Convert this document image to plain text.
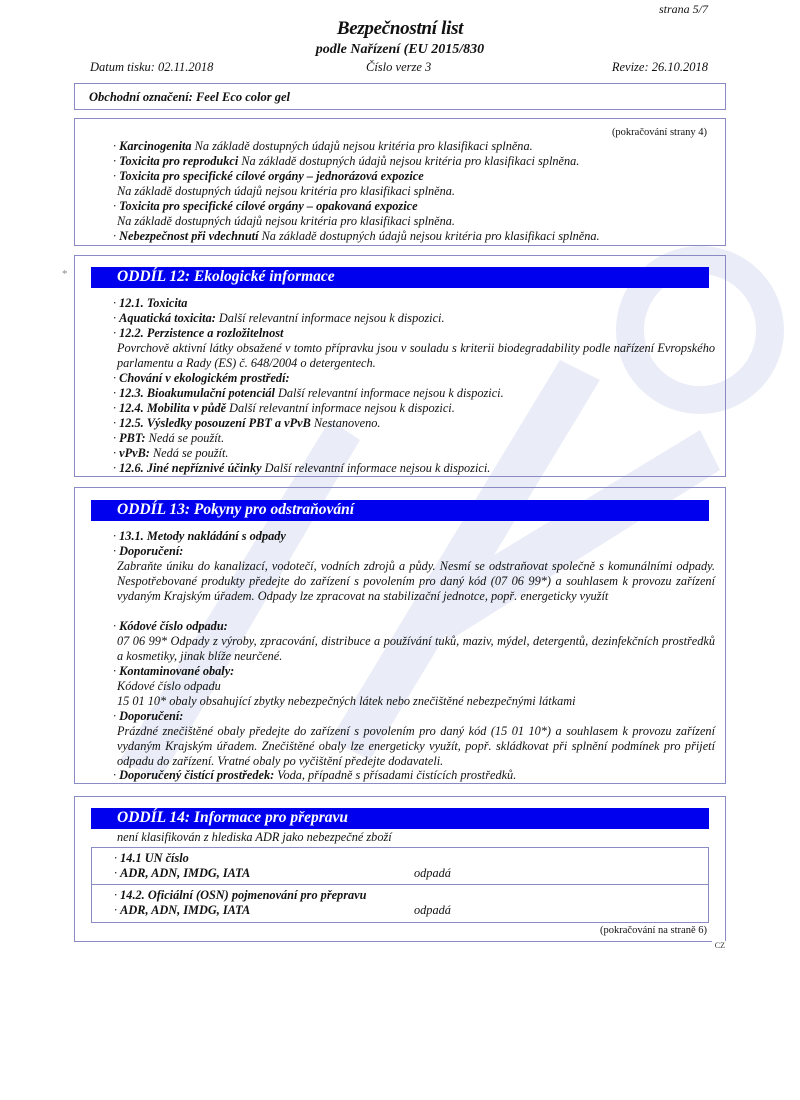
strana 5/7
Bezpečnostní list
podle Nařízení (EU 2015/830
Datum tisku: 02.11.2018	Číslo verze 3	Revize: 26.10.2018
Obchodní označení: Feel Eco color gel
(pokračování strany 4)
· Karcinogenita Na základě dostupných údajů nejsou kritéria pro klasifikaci splněna.
· Toxicita pro reprodukci Na základě dostupných údajů nejsou kritéria pro klasifikaci splněna.
· Toxicita pro specifické cílové orgány – jednorázová expozice
Na základě dostupných údajů nejsou kritéria pro klasifikaci splněna.
· Toxicita pro specifické cílové orgány – opakovaná expozice
Na základě dostupných údajů nejsou kritéria pro klasifikaci splněna.
· Nebezpečnost při vdechnutí Na základě dostupných údajů nejsou kritéria pro klasifikaci splněna.
*	ODDÍL 12: Ekologické informace
· 12.1. Toxicita
· Aquatická toxicita: Další relevantní informace nejsou k dispozici.
· 12.2. Perzistence a rozložitelnost
Povrchově aktivní látky obsažené v tomto přípravku jsou v souladu s kriterii biodegradability podle nařízení Evropského parlamentu a Rady (ES) č. 648/2004 o detergentech.
· Chování v ekologickém prostředí:
· 12.3. Bioakumulační potenciál Další relevantní informace nejsou k dispozici.
· 12.4. Mobilita v půdě Další relevantní informace nejsou k dispozici.
· 12.5. Výsledky posouzení PBT a vPvB Nestanoveno.
· PBT: Nedá se použít.
· vPvB: Nedá se použít.
· 12.6. Jiné nepříznivé účinky Další relevantní informace nejsou k dispozici.
ODDÍL 13: Pokyny pro odstraňování
· 13.1. Metody nakládání s odpady
· Doporučení:
Zabraňte úniku do kanalizací, vodotečí, vodních zdrojů a půdy. Nesmí se odstraňovat společně s komunálními odpady. Nespotřebované produkty předejte do zařízení s povolením pro daný kód (07 06 99*) a souhlasem k provozu zařízení vydaným Krajským úřadem. Odpady lze zpracovat na stabilizační jednotce, popř. energeticky využít
· Kódové číslo odpadu:
07 06 99* Odpady z výroby, zpracování, distribuce a používání tuků, maziv, mýdel, detergentů, dezinfekčních prostředků a kosmetiky, jinak blíže neurčené.
· Kontaminované obaly:
Kódové číslo odpadu
15 01 10* obaly obsahující zbytky nebezpečných látek nebo znečištěné nebezpečnými látkami
· Doporučení:
Prázdné znečištěné obaly předejte do zařízení s povolením pro daný kód (15 01 10*) a souhlasem k provozu zařízení vydaným Krajským úřadem. Znečištěné obaly lze energeticky využít, popř. skládkovat při splnění podmínek pro přijetí odpadu do zařízení. Vratné obaly po vyčištění předejte dodavateli.
· Doporučený čistící prostředek: Voda, případně s přísadami čistících prostředků.
ODDÍL 14: Informace pro přepravu
není klasifikován z hlediska ADR jako nebezpečné zboží
· 14.1 UN číslo
· ADR, ADN, IMDG, IATA	odpadá
· 14.2. Oficiální (OSN) pojmenování pro přepravu
· ADR, ADN, IMDG, IATA	odpadá
(pokračování na straně 6)
CZ
